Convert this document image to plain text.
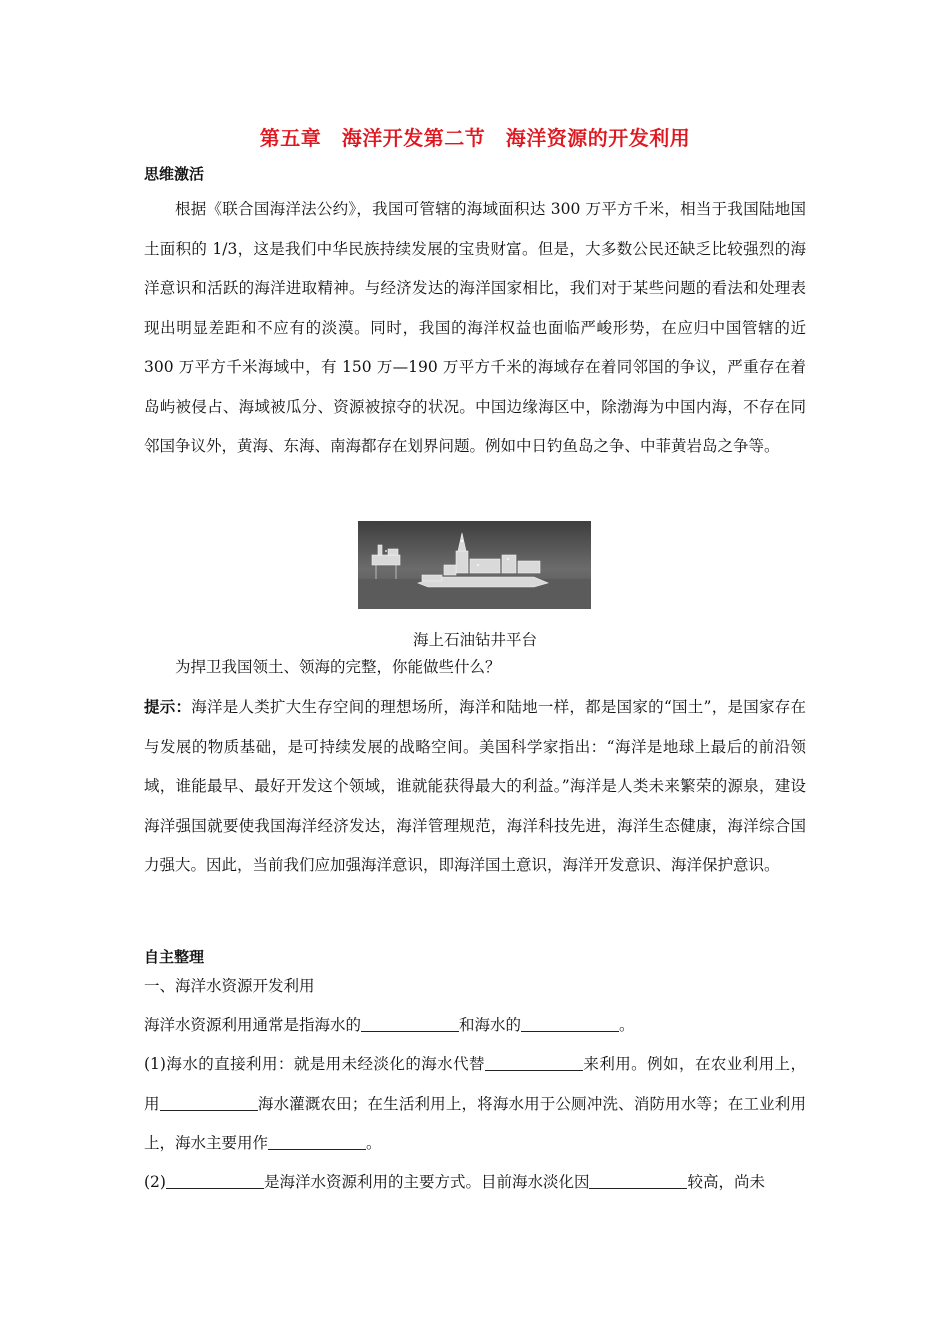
第五章　海洋开发第二节　海洋资源的开发利用
思维激活
根据《联合国海洋法公约》，我国可管辖的海域面积达 300 万平方千米，相当于我国陆地国土面积的 1/3，这是我们中华民族持续发展的宝贵财富。但是，大多数公民还缺乏比较强烈的海洋意识和活跃的海洋进取精神。与经济发达的海洋国家相比，我们对于某些问题的看法和处理表现出明显差距和不应有的淡漠。同时，我国的海洋权益也面临严峻形势，在应归中国管辖的近 300 万平方千米海域中，有 150 万—190 万平方千米的海域存在着同邻国的争议，严重存在着岛屿被侵占、海域被瓜分、资源被掠夺的状况。中国边缘海区中，除渤海为中国内海，不存在同邻国争议外，黄海、东海、南海都存在划界问题。例如中日钓鱼岛之争、中菲黄岩岛之争等。
海上石油钻井平台
为捍卫我国领土、领海的完整，你能做些什么？
提示：海洋是人类扩大生存空间的理想场所，海洋和陆地一样，都是国家的“国土”，是国家存在与发展的物质基础，是可持续发展的战略空间。美国科学家指出：“海洋是地球上最后的前沿领域，谁能最早、最好开发这个领域，谁就能获得最大的利益。”海洋是人类未来繁荣的源泉，建设海洋强国就要使我国海洋经济发达，海洋管理规范，海洋科技先进，海洋生态健康，海洋综合国力强大。因此，当前我们应加强海洋意识，即海洋国土意识，海洋开发意识、海洋保护意识。
自主整理
一、海洋水资源开发利用
海洋水资源利用通常是指海水的	和海水的	。
(1)海水的直接利用：就是用未经淡化的海水代替	来利用。例如，在农业利用上，用	海水灌溉农田；在生活利用上，将海水用于公厕冲洗、消防用水等；在工业利用上，海水主要用作	。
(2)	是海洋水资源利用的主要方式。目前海水淡化因	较高，尚未
